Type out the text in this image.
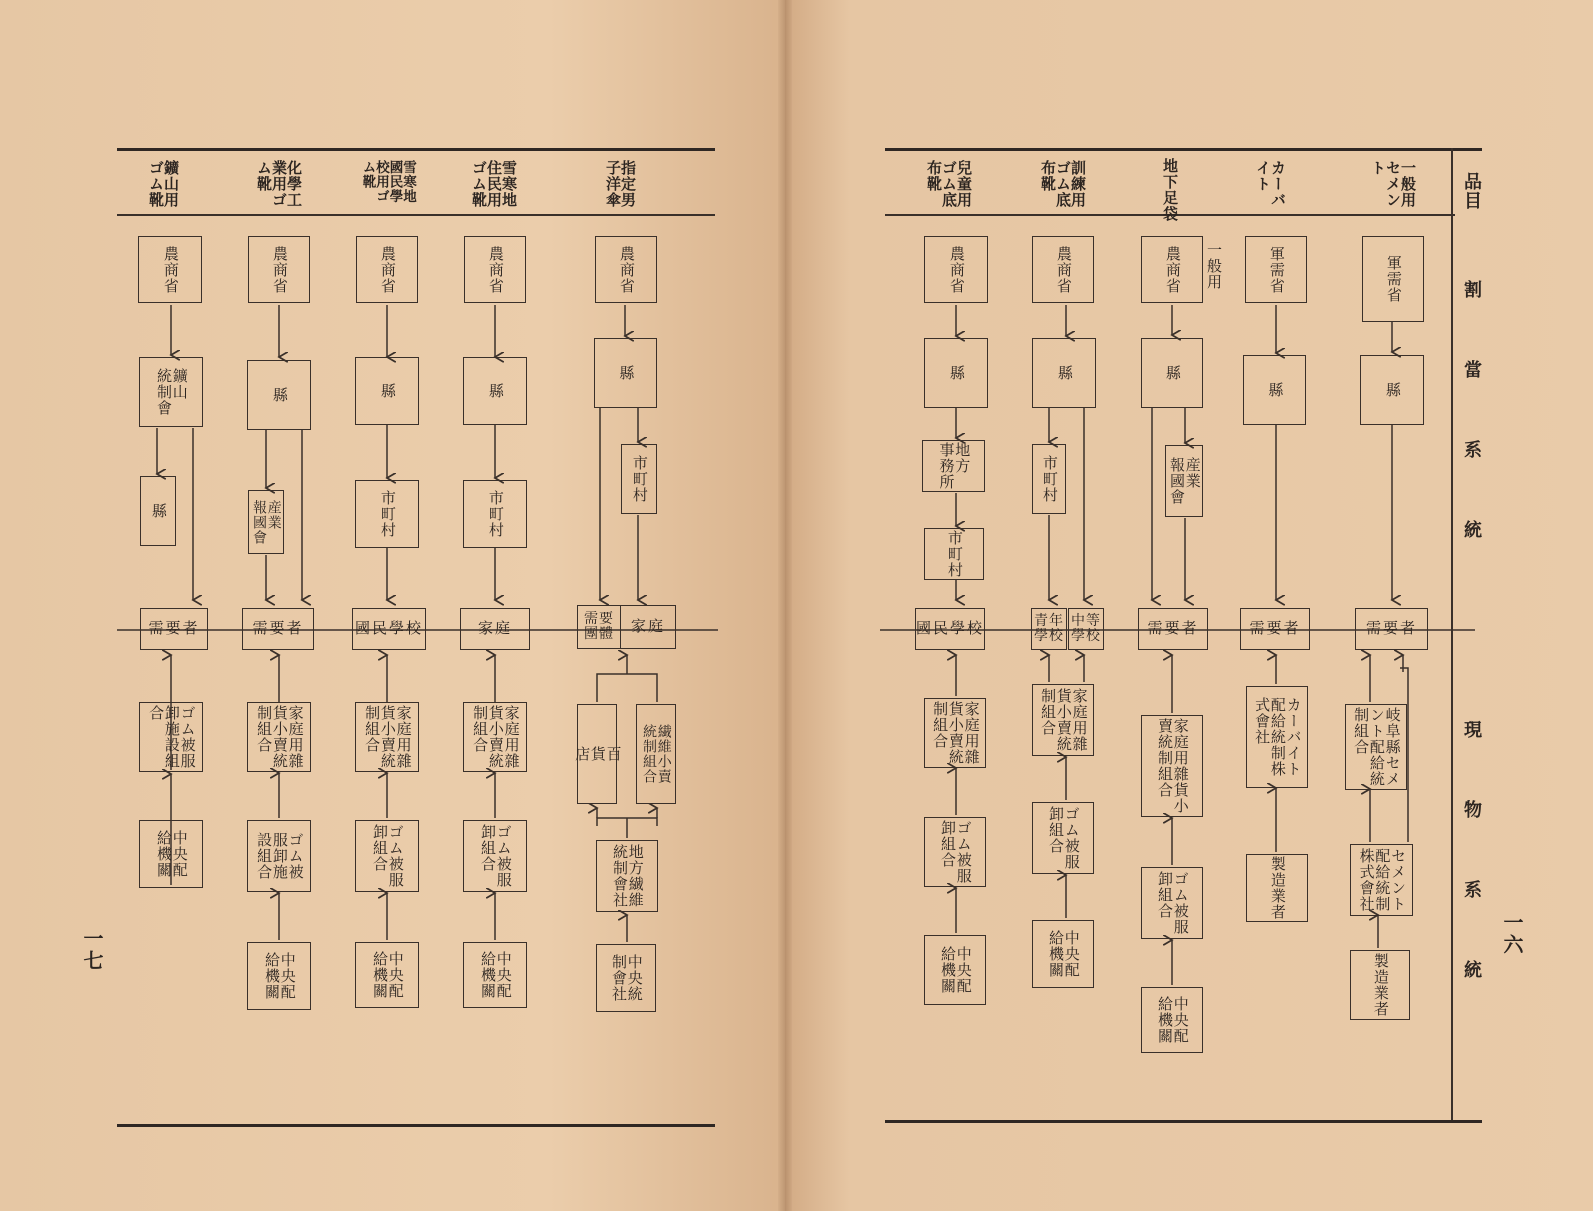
品目
割當系統
現物系統
一七	一六
一般用
セメン
ト
カーバ
イト
地下足袋
訓練用
ゴム底
布靴
兒童用
ゴム底
布靴
一般用	軍需省
縣
需要者
岐阜縣セメ
ント配給統
制組合
セメント
配給統制
株式會社
製造業者
軍需省
縣
需要者
カーバイト
配給統制株
式會社
製造業者
農商省
縣
産業
報國會
需要者
家庭用雜貨小
賣統制組合
ゴム被服
卸組合
中央配
給機關
農商省
縣
市町村
中等
學校
青年
學校
家庭用雜
貨小賣統
制組合
ゴム被服
卸組合
中央配
給機關
農商省
縣
地方
事務所
市町村
國民學校
家庭用雜
貨小賣統
制組合
ゴム被服
卸組合
中央配
給機關
指定男
子洋傘
雪寒地
住民用
ゴム靴
雪寒地
國民學
校用ゴ
ム靴
化學工
業用ゴ
ム靴
鑛山用
ゴム靴
農商省
縣
市町村
家庭
需要
團體
百
貨
店	繊維小賣
統制組合
地方繊維
統制會社
中央統
制會社
農商省
縣
市町村
家庭
家庭用雜
貨小賣統
制組合
ゴム被服
卸組合
中央配
給機關
農商省
縣
市町村
國民學校
家庭用雜
貨小賣統
制組合
ゴム被服
卸組合
中央配
給機關
農商省
縣
産業
報國會
需要者
家庭用雜
貨小賣統
制組合
ゴム被
服卸施
設組合
中央配
給機關
農商省
鑛山
統制會
縣
需要者
ゴム被服
卸施設組
合
中央配
給機關
